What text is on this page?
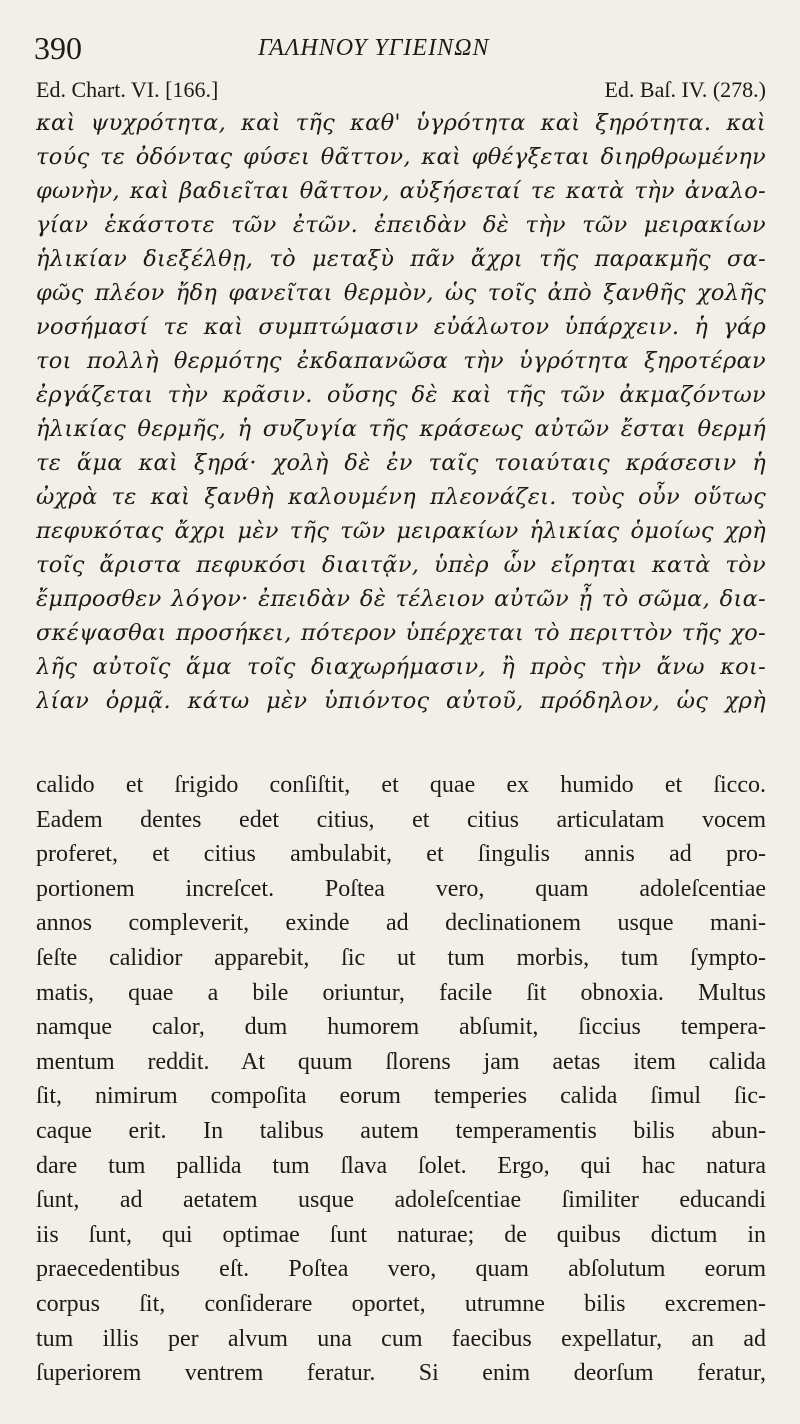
390	ΓΑΛΗΝΟΥ ΥΓΙΕΙΝΩΝ
Ed. Chart. VI. [166.]	Ed. Baſ. IV. (278.)
καὶ ψυχρότητα, καὶ τῆς καθ' ὑγρότητα καὶ ξηρότητα. καὶ
τούς τε ὀδόντας φύσει θᾶττον, καὶ φθέγξεται διηρθρωμένην
φωνὴν, καὶ βαδιεῖται θᾶττον, αὐξήσεταί τε κατὰ τὴν ἀναλο-
γίαν ἑκάστοτε τῶν ἐτῶν. ἐπειδὰν δὲ τὴν τῶν μειρακίων
ἡλικίαν διεξέλθῃ, τὸ μεταξὺ πᾶν ἄχρι τῆς παρακμῆς σα-
φῶς πλέον ἤδη φανεῖται θερμὸν, ὡς τοῖς ἀπὸ ξανθῆς χολῆς
νοσήμασί τε καὶ συμπτώμασιν εὐάλωτον ὑπάρχειν. ἡ γάρ
τοι πολλὴ θερμότης ἐκδαπανῶσα τὴν ὑγρότητα ξηροτέραν
ἐργάζεται τὴν κρᾶσιν. οὔσης δὲ καὶ τῆς τῶν ἀκμαζόντων
ἡλικίας θερμῆς, ἡ συζυγία τῆς κράσεως αὐτῶν ἔσται θερμή
τε ἅμα καὶ ξηρά· χολὴ δὲ ἐν ταῖς τοιαύταις κράσεσιν ἡ
ὠχρὰ τε καὶ ξανθὴ καλουμένη πλεονάζει. τοὺς οὖν οὕτως
πεφυκότας ἄχρι μὲν τῆς τῶν μειρακίων ἡλικίας ὁμοίως χρὴ
τοῖς ἄριστα πεφυκόσι διαιτᾷν, ὑπὲρ ὧν εἴρηται κατὰ τὸν
ἔμπροσθεν λόγον· ἐπειδὰν δὲ τέλειον αὐτῶν ᾖ τὸ σῶμα, δια-
σκέψασθαι προσήκει, πότερον ὑπέρχεται τὸ περιττὸν τῆς χο-
λῆς αὐτοῖς ἅμα τοῖς διαχωρήμασιν, ἢ πρὸς τὴν ἄνω κοι-
λίαν ὁρμᾷ. κάτω μὲν ὑπιόντος αὐτοῦ, πρόδηλον, ὡς χρὴ
calido et ſrigido conſiſtit, et quae ex humido et ſicco.
Eadem dentes edet citius, et citius articulatam vocem
proferet, et citius ambulabit, et ſingulis annis ad pro-
portionem increſcet. Poſtea vero, quam adoleſcentiae
annos compleverit, exinde ad declinationem usque mani-
ſeſte calidior apparebit, ſic ut tum morbis, tum ſympto-
matis, quae a bile oriuntur, facile ſit obnoxia. Multus
namque calor, dum humorem abſumit, ſiccius tempera-
mentum reddit. At quum ſlorens jam aetas item calida
ſit, nimirum compoſita eorum temperies calida ſimul ſic-
caque erit. In talibus autem temperamentis bilis abun-
dare tum pallida tum ſlava ſolet. Ergo, qui hac natura
ſunt, ad aetatem usque adoleſcentiae ſimiliter educandi
iis ſunt, qui optimae ſunt naturae; de quibus dictum in
praecedentibus eſt. Poſtea vero, quam abſolutum eorum
corpus ſit, conſiderare oportet, utrumne bilis excremen-
tum illis per alvum una cum faecibus expellatur, an ad
ſuperiorem ventrem feratur. Si enim deorſum feratur,
